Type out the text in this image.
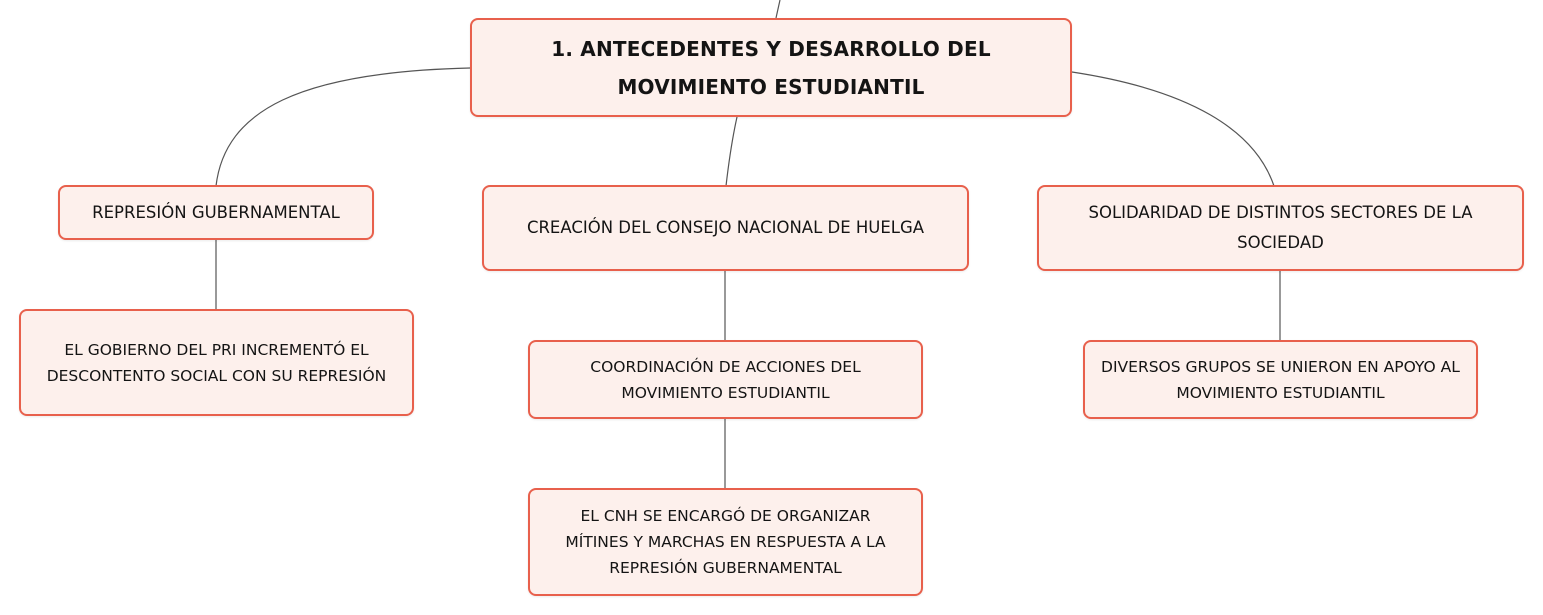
1. ANTECEDENTES Y DESARROLLO DEL MOVIMIENTO ESTUDIANTIL
REPRESIÓN GUBERNAMENTAL
CREACIÓN DEL CONSEJO NACIONAL DE HUELGA
SOLIDARIDAD DE DISTINTOS SECTORES DE LA SOCIEDAD
EL GOBIERNO DEL PRI INCREMENTÓ EL DESCONTENTO SOCIAL CON SU REPRESIÓN	COORDINACIÓN DE ACCIONES DEL MOVIMIENTO ESTUDIANTIL
EL CNH SE ENCARGÓ DE ORGANIZAR MÍTINES Y MARCHAS EN RESPUESTA A LA REPRESIÓN GUBERNAMENTAL
DIVERSOS GRUPOS SE UNIERON EN APOYO AL MOVIMIENTO ESTUDIANTIL
